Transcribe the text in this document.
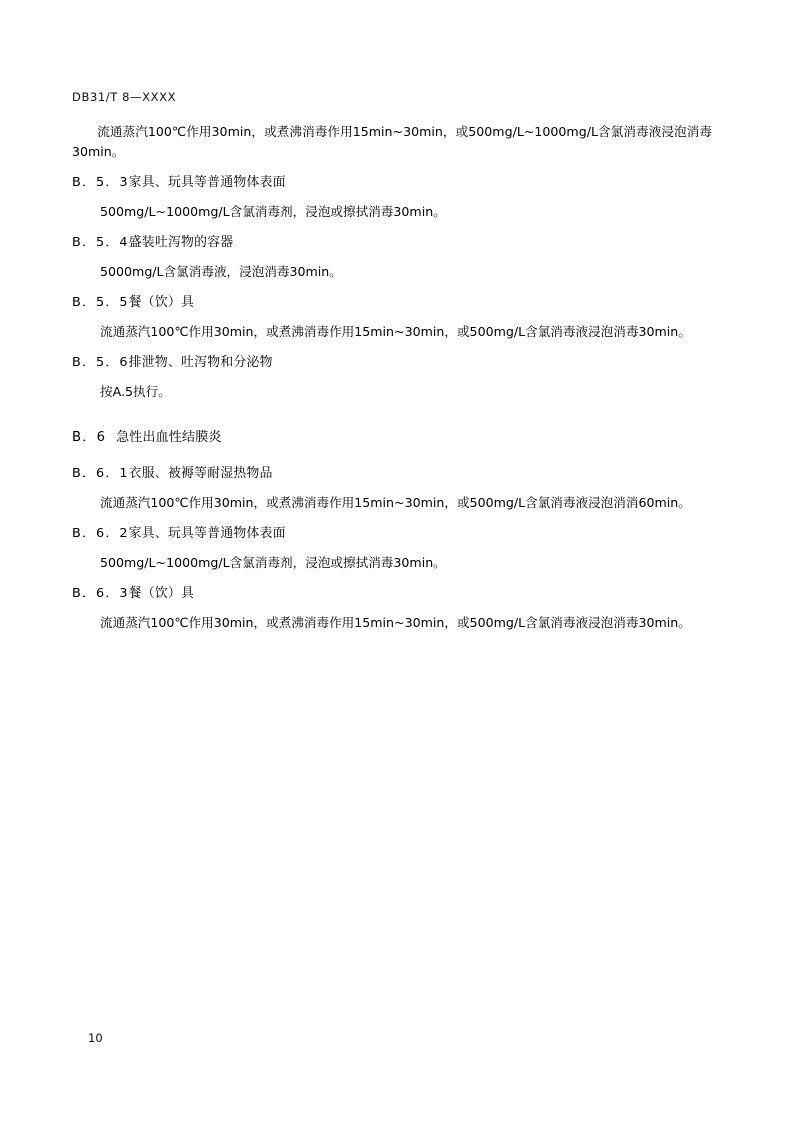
DB31/T 8—XXXX

流通蒸汽100℃作用30min，或煮沸消毒作用15min~30min，或500mg/L~1000mg/L含氯消毒液浸泡消毒30min。

B．5．3家具、玩具等普通物体表面

500mg/L~1000mg/L含氯消毒剂，浸泡或擦拭消毒30min。

B．5．4盛装吐泻物的容器

5000mg/L含氯消毒液，浸泡消毒30min。

B．5．5餐（饮）具

流通蒸汽100℃作用30min，或煮沸消毒作用15min~30min，或500mg/L含氯消毒液浸泡消毒30min。

B．5．6排泄物、吐泻物和分泌物

按A.5执行。

B．6 急性出血性结膜炎
B．6．1衣服、被褥等耐湿热物品

流通蒸汽100℃作用30min，或煮沸消毒作用15min~30min，或500mg/L含氯消毒液浸泡消消60min。

B．6．2家具、玩具等普通物体表面

500mg/L~1000mg/L含氯消毒剂，浸泡或擦拭消毒30min。

B．6．3餐（饮）具

流通蒸汽100℃作用30min，或煮沸消毒作用15min~30min，或500mg/L含氯消毒液浸泡消毒30min。

10
